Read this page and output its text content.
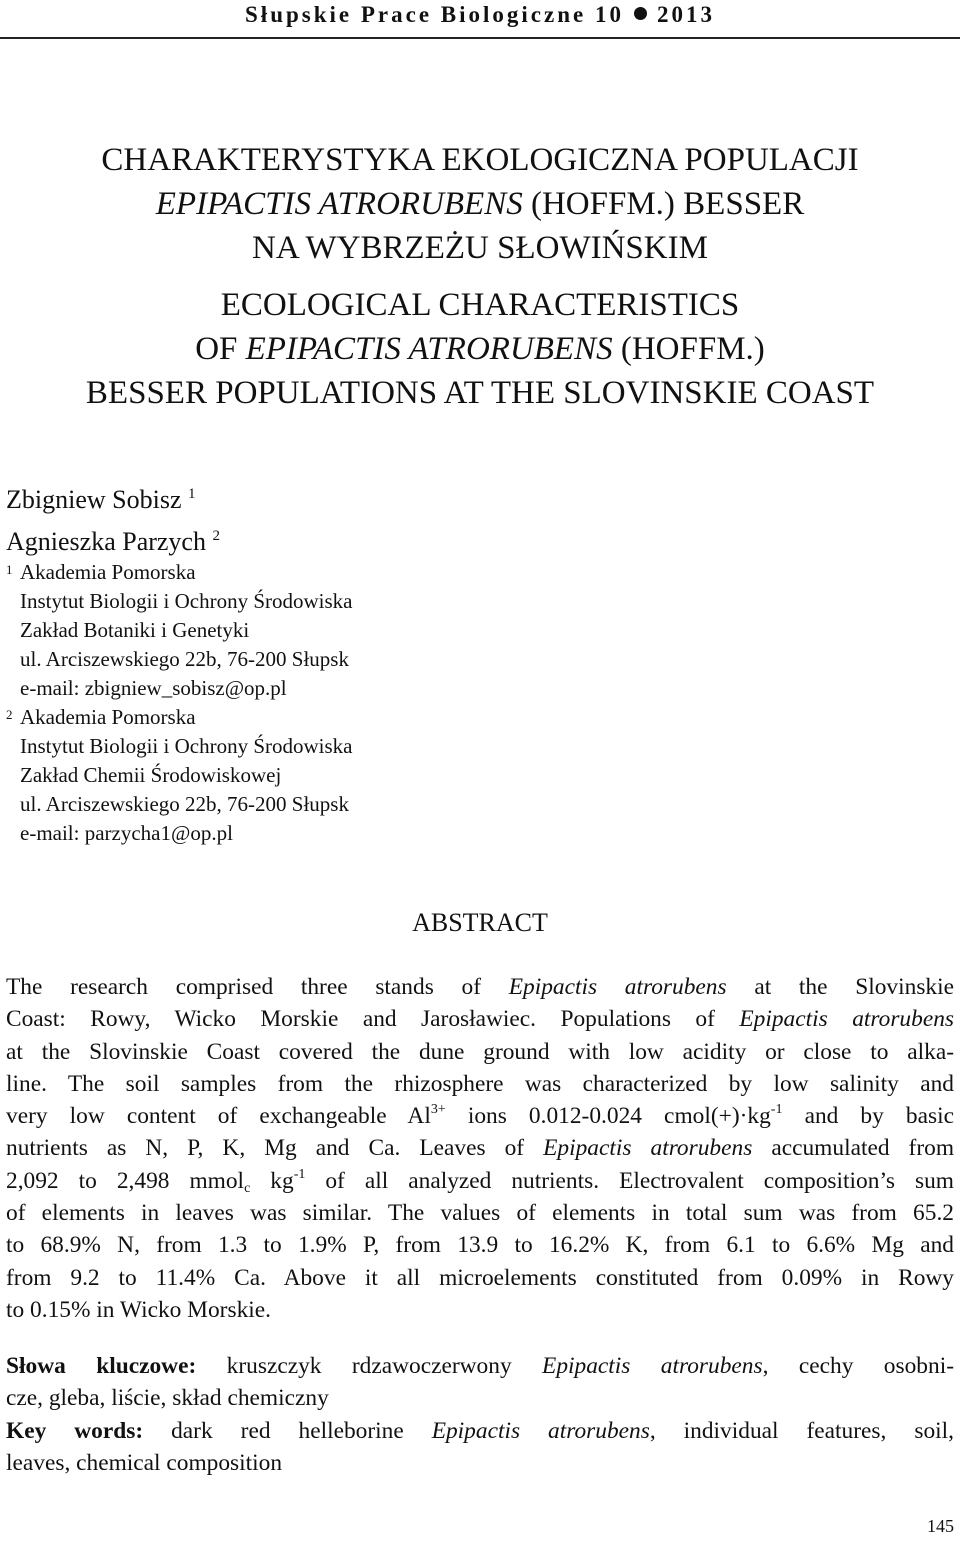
Słupskie Prace Biologiczne 10 2013
CHARAKTERYSTYKA EKOLOGICZNA POPULACJI
EPIPACTIS ATRORUBENS (HOFFM.) BESSER
NA WYBRZEŻU SŁOWIŃSKIM
ECOLOGICAL CHARACTERISTICS
OF EPIPACTIS ATRORUBENS (HOFFM.)
BESSER POPULATIONS AT THE SLOVINSKIE COAST
Zbigniew Sobisz $^1$
Agnieszka Parzych $^2$
1 Akademia Pomorska
Instytut Biologii i Ochrony Środowiska
Zakład Botaniki i Genetyki
ul. Arciszewskiego 22b, 76-200 Słupsk
e-mail: zbigniew_sobisz@op.pl
2 Akademia Pomorska
Instytut Biologii i Ochrony Środowiska
Zakład Chemii Środowiskowej
ul. Arciszewskiego 22b, 76-200 Słupsk
e-mail: parzycha1@op.pl
ABSTRACT
The research comprised three stands of Epipactis atrorubens at the Slovinskie
Coast: Rowy, Wicko Morskie and Jarosławiec. Populations of Epipactis atrorubens
at the Slovinskie Coast covered the dune ground with low acidity or close to alka-
line. The soil samples from the rhizosphere was characterized by low salinity and
very low content of exchangeable $Al^{3+}$ ions 0.012-0.024 $cmol(+)\cdot kg^{-1}$ and by basic
nutrients as N, P, K, Mg and Ca. Leaves of Epipactis atrorubens accumulated from
2,092 to 2,498 mmol$_c$ $kg^{-1}$ of all analyzed nutrients. Electrovalent composition’s sum
of elements in leaves was similar. The values of elements in total sum was from 65.2
to 68.9% N, from 1.3 to 1.9% P, from 13.9 to 16.2% K, from 6.1 to 6.6% Mg and
from 9.2 to 11.4% Ca. Above it all microelements constituted from 0.09% in Rowy
to 0.15% in Wicko Morskie.
Słowa kluczowe: kruszczyk rdzawoczerwony Epipactis atrorubens, cechy osobni-
cze, gleba, liście, skład chemiczny
Key words: dark red helleborine Epipactis atrorubens, individual features, soil,
leaves, chemical composition
145
